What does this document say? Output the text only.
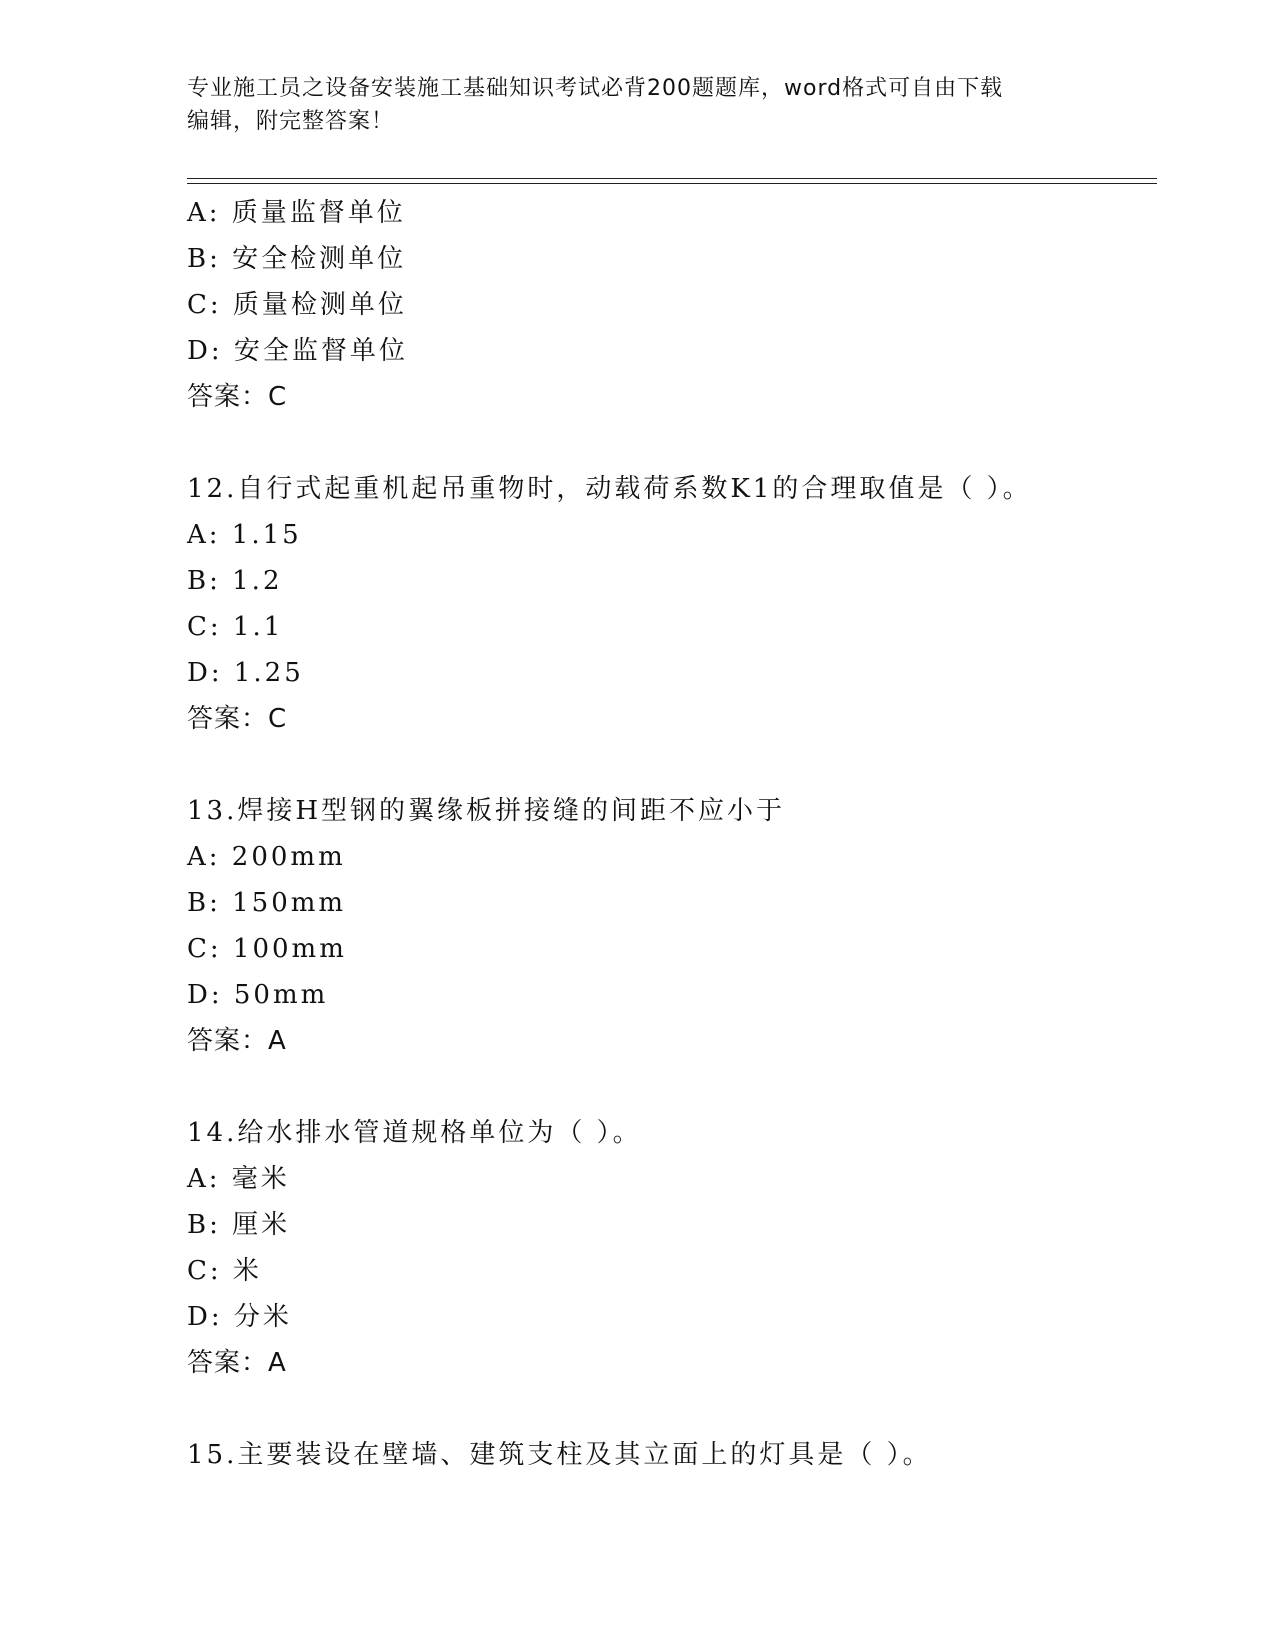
专业施工员之设备安装施工基础知识考试必背200题题库，word格式可自由下载
编辑，附完整答案！
A: 质量监督单位
B: 安全检测单位
C: 质量检测单位
D: 安全监督单位
答案：C
12.自行式起重机起吊重物时，动载荷系数K1的合理取值是（ ）。
A: 1.15
B: 1.2
C: 1.1
D: 1.25
答案：C
13.焊接H型钢的翼缘板拼接缝的间距不应小于
A: 200mm
B: 150mm
C: 100mm
D: 50mm
答案：A
14.给水排水管道规格单位为（ ）。
A: 毫米
B: 厘米
C: 米
D: 分米
答案：A
15.主要装设在壁墙、建筑支柱及其立面上的灯具是（ ）。
